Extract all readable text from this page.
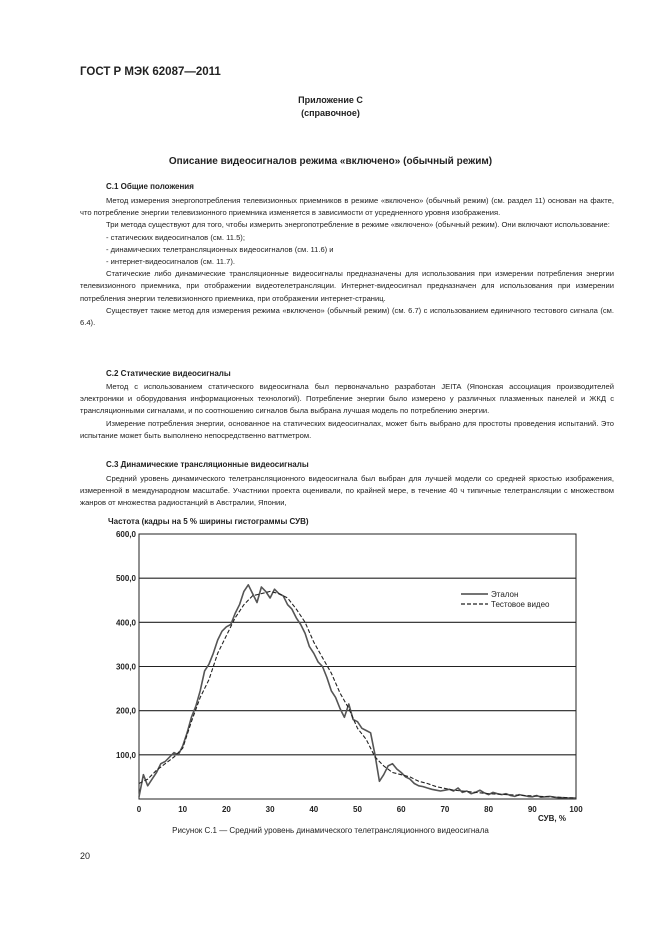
ГОСТ Р МЭК 62087—2011
Приложение С
(справочное)
Описание видеосигналов режима «включено» (обычный режим)
С.1 Общие положения

Метод измерения энергопотребления телевизионных приемников в режиме «включено» (обычный режим) (см. раздел 11) основан на факте, что потребление энергии телевизионного приемника изменяется в зависимости от усредненного уровня изображения.

Три метода существуют для того, чтобы измерить энергопотребление в режиме «включено» (обычный режим). Они включают использование:

- статических видеосигналов (см. 11.5);
- динамических телетрансляционных видеосигналов (см. 11.6) и
- интернет-видеосигналов (см. 11.7).

Статические либо динамические трансляционные видеосигналы предназначены для использования при измерении потребления энергии телевизионного приемника, при отображении видеотелетрансляции. Интернет-видеосигнал предназначен для использования при измерении потребления энергии телевизионного приемника, при отображении интернет-страниц.

Существует также метод для измерения режима «включено» (обычный режим) (см. 6.7) с использованием единичного тестового сигнала (см. 6.4).

С.2 Статические видеосигналы

Метод с использованием статического видеосигнала был первоначально разработан JEITA (Японская ассоциация производителей электроники и оборудования информационных технологий). Потребление энергии было измерено у различных плазменных панелей и ЖКД с трансляционными сигналами, и по соотношению сигналов была выбрана лучшая модель по потреблению энергии.

Измерение потребления энергии, основанное на статических видеосигналах, может быть выбрано для простоты проведения испытаний. Это испытание может быть выполнено непосредственно ваттметром.

С.3 Динамические трансляционные видеосигналы

Средний уровень динамического телетрансляционного видеосигнала был выбран для лучшей модели со средней яркостью изображения, измеренной в международном масштабе. Участники проекта оценивали, по крайней мере, в течение 40 ч типичные телетрансляции с множеством жанров от множества радиостанций в Австралии, Японии,

Частота (кадры на 5 % ширины гистограммы СУВ)
100,0
200,0
300,0
400,0
500,0
600,0
0	10	20	30	40	50	60	70	80	90	100
СУВ, %
Эталон
Тестовое видео
Рисунок С.1 — Средний уровень динамического телетрансляционного видеосигнала
20
